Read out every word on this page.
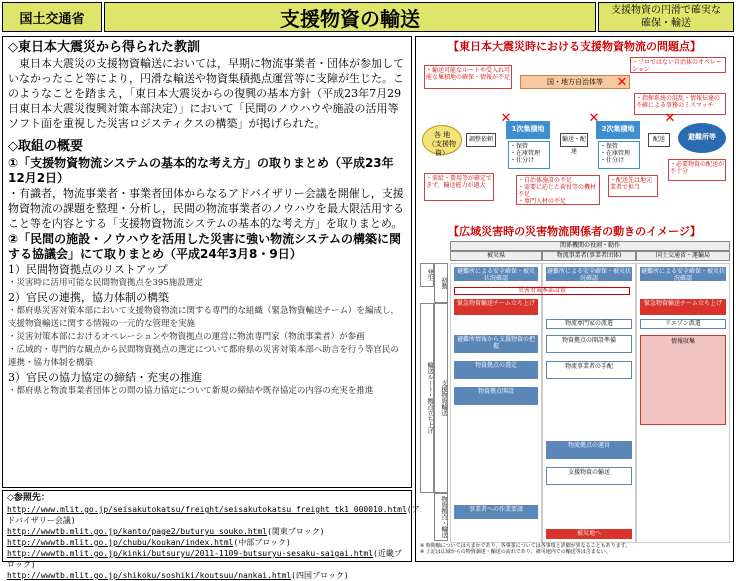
国土交通省	支援物資の輸送	支援物資の円滑で確実な
確保・輸送

◇東日本大震災から得られた教訓

　東日本大震災の支援物資輸送においては，早期に物流事業者・団体が参加していなかったこと等により，円滑な輸送や物資集積拠点運営等に支障が生じた。このようなことを踏まえ，「東日本大震災からの復興の基本方針（平成23年7月29日東日本大震災復興対策本部決定）」において「民間のノウハウや施設の活用等ソフト面を重視した災害ロジスティクスの構築」が掲げられた。

◇取組の概要

①「支援物資物流システムの基本的な考え方」の取りまとめ（平成23年12月2日）

・有識者，物流事業者・事業者団体からなるアドバイザリー会議を開催し，支援物資物流の課題を整理・分析し，民間の物流事業者のノウハウを最大限活用すること等を内容とする「支援物資物流システムの基本的な考え方」を取りまとめ。

②「民間の施設・ノウハウを活用した災害に強い物流システムの構築に関する協議会」にて取りまとめ（平成24年3月8・9日）

1）民間物資拠点のリストアップ

・災害時に活用可能な民間物資拠点を395施設選定

2）官民の連携，協力体制の構築

・都府県災害対策本部において支援物資物流に関する専門的な組織（緊急物資輸送チーム）を編成し，支援物資輸送に関する情報の一元的な管理を実施

・災害対策本部におけるオペレーションや物資拠点の運営に物流専門家（物流事業者）が参画

・広域的・専門的な観点から民間物資拠点の選定について都府県の災害対策本部へ助言を行う等官民の連携・協力体制を構築

3）官民の協力協定の締結・充実の推進

・都府県と物流事業者団体との間の協力協定について新規の締結や既存協定の内容の充実を推進

◇参照先：
http://www.mlit.go.jp/seisakutokatsu/freight/seisakutokatsu_freight_tk1_000010.html(アドバイザリー会議)
http://wwwtb.mlit.go.jp/kanto/page2/buturyu_souko.html(関東ブロック)
http://wwwtb.mlit.go.jp/chubu/koukan/index.html(中部ブロック)
http://wwwtb.mlit.go.jp/kinki/butsuryu/2011-1109-butsuryu-sesaku-saigai.html(近畿ブロック)
http://wwwtb.mlit.go.jp/shikoku/soshiki/koutsuu/nankai.html(四国ブロック)
【東日本大震災時における支援物資物流の問題点】
国・地方自治体等
・輸送可能なルートや受入れ可能な集積地の確保・情報が不足
・プロではない自治体のオペレーション
・指揮系統の混乱・情報伝達の不確による事務のミスマッチ
各 地
（支援物資）
調整依頼
1次集積地
・保管
・在庫管理
・仕分け
輸送・配達
2次集積地
・保管
・在庫管理
・仕分け
配送	避難所等
・需給・費用等が確定できず、輸送能力が過大
・自治体施設の不足
・需要に応じた荷役等の機材不足
・専門人材の不足
・配送先は地元業者で担当
・必要物資の配送が不十分
✕	✕	✕
✕
【広域災害時の災害物流関係者の動きのイメージ】
関係機関の役割・動作
被災県	物流事業者(事業者団体)	国土交通省・運輸局
発生
初動
支援物資輸送
輸送ルート・拠点立ち上げ
物資拠点・輸送
避難所による安全確保・被災状況確認
避難所による安全確保・被災状況確認
避難所による安全確保・被災状況確認
災害対策本部設置
緊急物資輸送チーム立ち上げ	緊急物資輸送チーム立ち上げ
物流専門家の派遣	リエゾン派遣
避難所情報から支援物資の把握
物資拠点の開設準備	情報収集
物資拠点の選定	物流事業者の手配
物資拠点開設
物流拠点の運営
支援物資の輸送
事業者への作業要請
被災地へ
※ 時間軸については大まかであり、各事業については各事項と詳細が異なることもあります。
※ 上記は広域からの物資調達・輸送の流れであり、被災地内での輸送等は含まない。
